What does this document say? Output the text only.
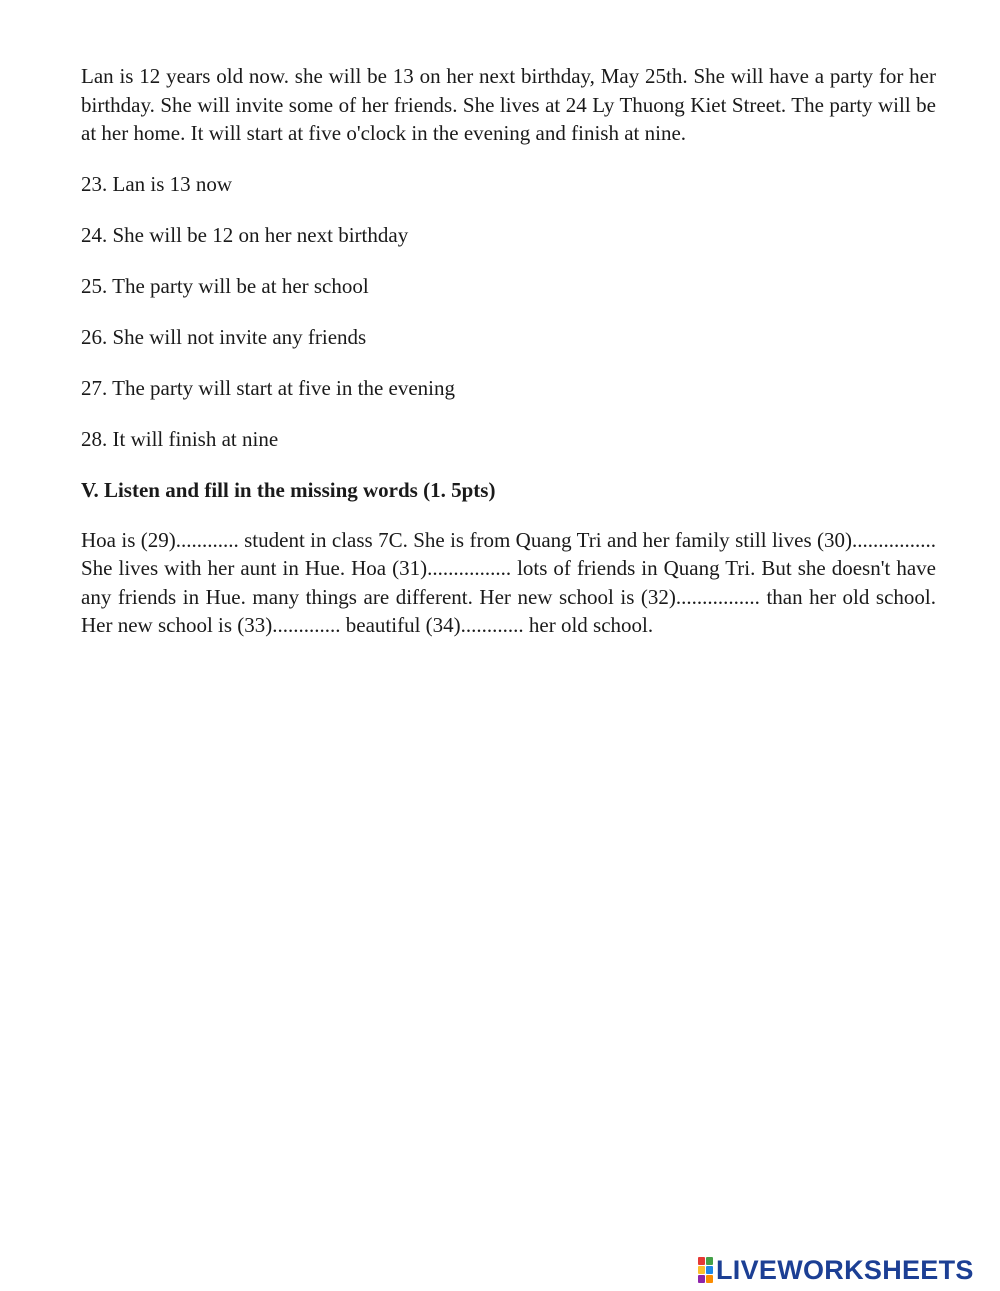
Lan is 12 years old now. she will be 13 on her next birthday, May 25th. She will have a party for her birthday. She will invite some of her friends. She lives at 24 Ly Thuong Kiet Street. The party will be at her home. It will start at five o'clock in the evening and finish at nine.

23. Lan is 13 now

24. She will be 12 on her next birthday

25. The party will be at her school

26. She will not invite any friends

27. The party will start at five in the evening

28. It will finish at nine

V. Listen and fill in the missing words (1. 5pts)

Hoa is (29)............ student in class 7C. She is from Quang Tri and her family still lives (30)................ She lives with her aunt in Hue. Hoa (31)................ lots of friends in Quang Tri. But she doesn't have any friends in Hue. many things are different. Her new school is (32)................ than her old school. Her new school is (33)............. beautiful (34)............ her old school.

LIVEWORKSHEETS
